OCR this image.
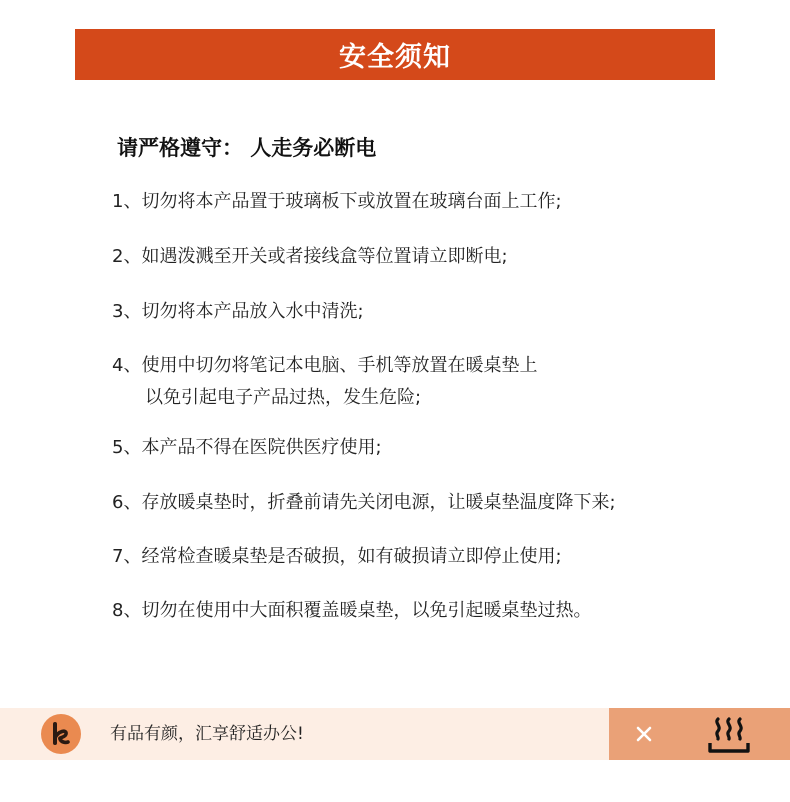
安全须知
请严格遵守： 人走务必断电
1、切勿将本产品置于玻璃板下或放置在玻璃台面上工作;
2、如遇泼溅至开关或者接线盒等位置请立即断电;
3、切勿将本产品放入水中清洗;
4、使用中切勿将笔记本电脑、手机等放置在暖桌垫上
以免引起电子产品过热，发生危险;
5、本产品不得在医院供医疗使用;
6、存放暖桌垫时，折叠前请先关闭电源，让暖桌垫温度降下来;
7、经常检查暖桌垫是否破损，如有破损请立即停止使用;
8、切勿在使用中大面积覆盖暖桌垫，以免引起暖桌垫过热。
有品有颜，汇享舒适办公!
